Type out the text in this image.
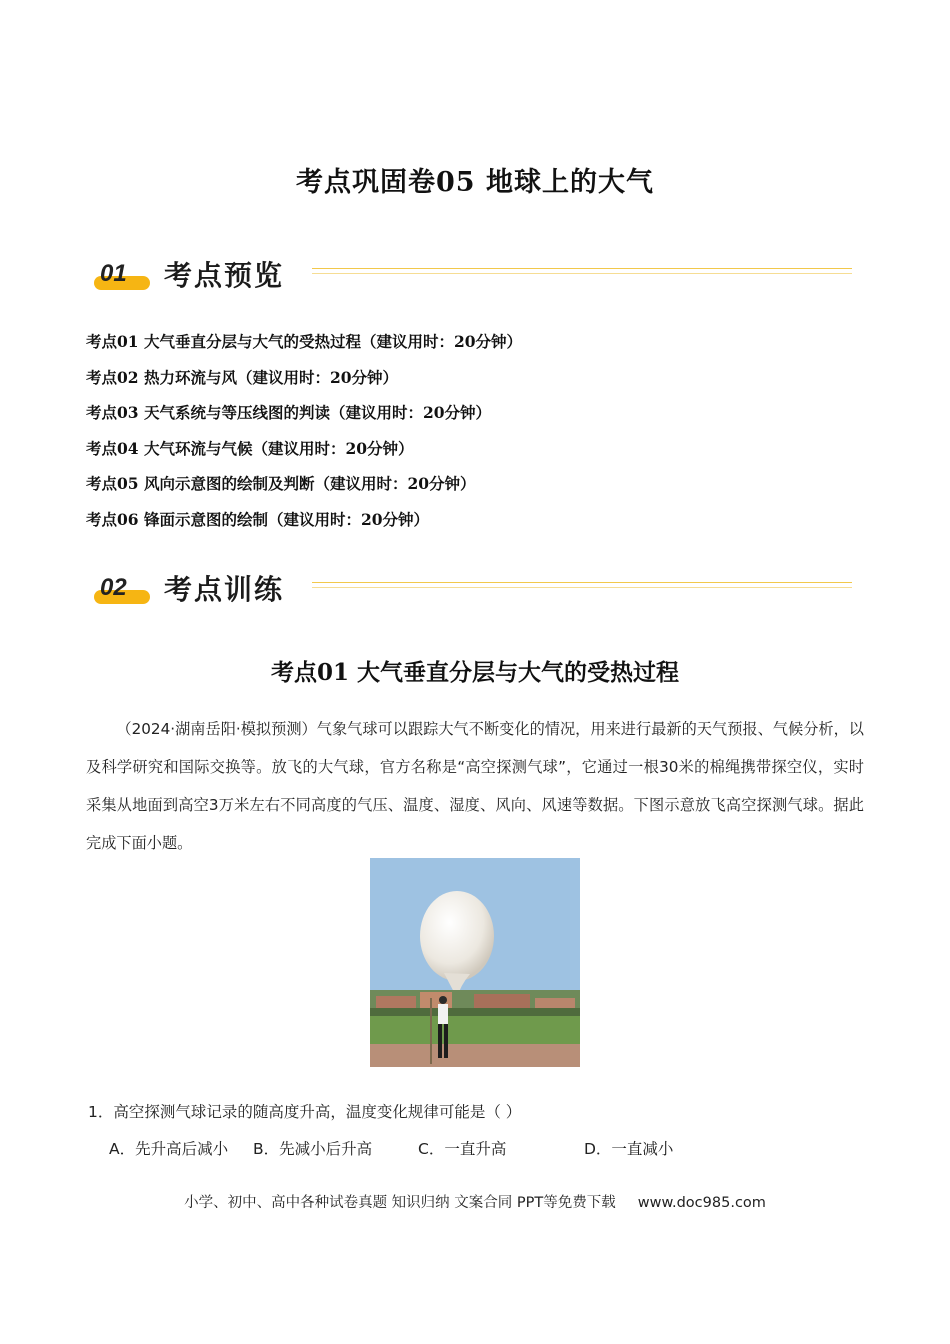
考点巩固卷05 地球上的大气
01 考点预览
考点01 大气垂直分层与大气的受热过程（建议用时：20分钟）
考点02 热力环流与风（建议用时：20分钟）
考点03 天气系统与等压线图的判读（建议用时：20分钟）
考点04 大气环流与气候（建议用时：20分钟）
考点05 风向示意图的绘制及判断（建议用时：20分钟）
考点06 锋面示意图的绘制（建议用时：20分钟）
02 考点训练
考点01 大气垂直分层与大气的受热过程
（2024·湖南岳阳·模拟预测）气象气球可以跟踪大气不断变化的情况，用来进行最新的天气预报、气候分析，以及科学研究和国际交换等。放飞的大气球，官方名称是“高空探测气球”，它通过一根30米的棉绳携带探空仪，实时采集从地面到高空3万米左右不同高度的气压、温度、湿度、风向、风速等数据。下图示意放飞高空探测气球。据此完成下面小题。
1．高空探测气球记录的随高度升高，温度变化规律可能是（ ）
A．先升高后减小 B．先减小后升高	C．一直升高	D．一直减小
小学、初中、高中各种试卷真题 知识归纳 文案合同 PPT等免费下载 www.doc985.com
